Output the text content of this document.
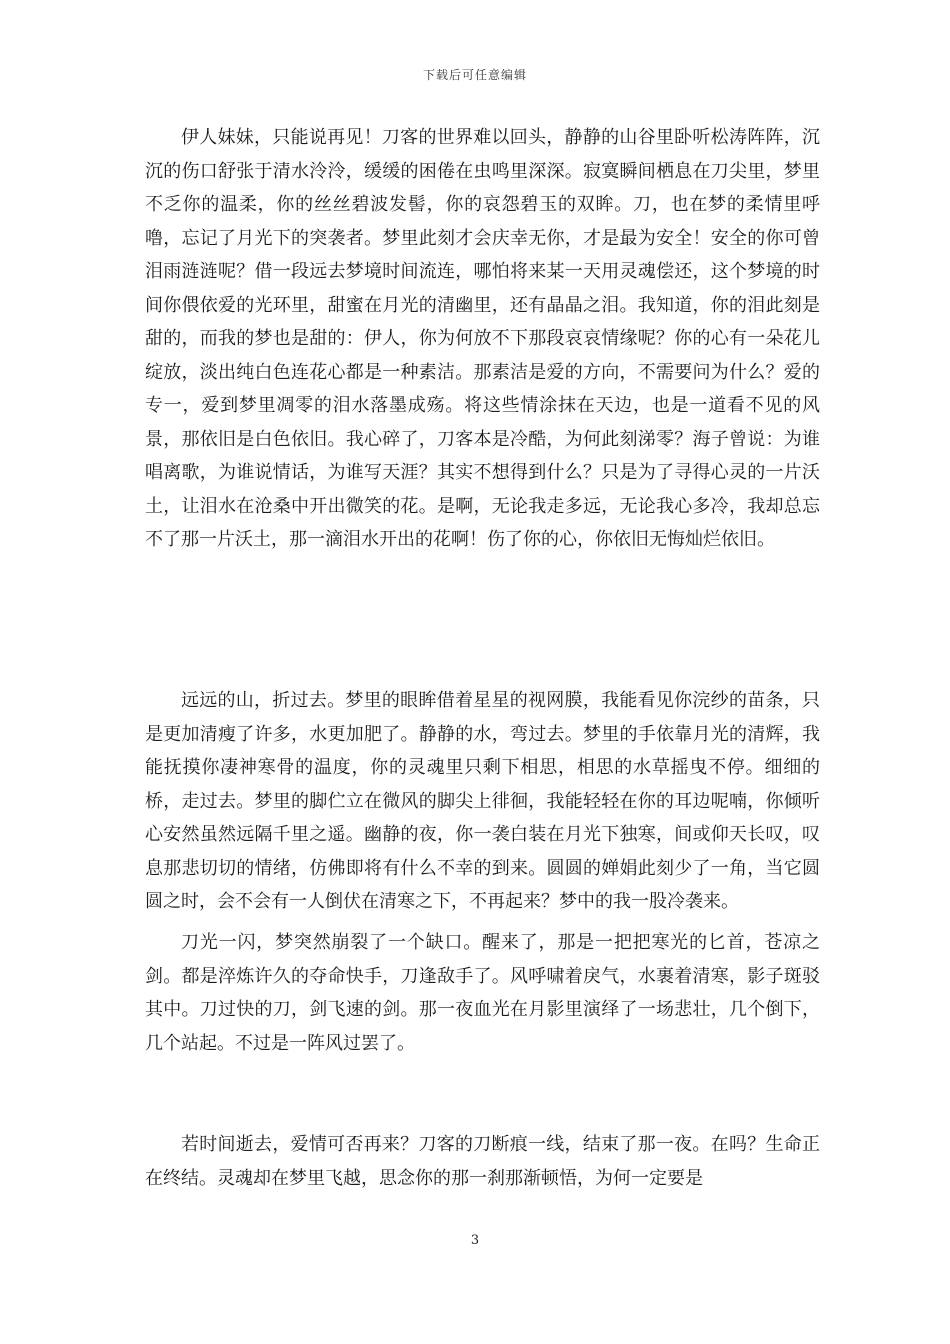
下载后可任意编辑

伊人妹妹，只能说再见！刀客的世界难以回头，静静的山谷里卧听松涛阵阵，沉沉的伤口舒张于清水泠泠，缓缓的困倦在虫鸣里深深。寂寞瞬间栖息在刀尖里，梦里不乏你的温柔，你的丝丝碧波发髻，你的哀怨碧玉的双眸。刀，也在梦的柔情里呼噜，忘记了月光下的突袭者。梦里此刻才会庆幸无你，才是最为安全！安全的你可曾泪雨涟涟呢？借一段远去梦境时间流连，哪怕将来某一天用灵魂偿还，这个梦境的时间你偎依爱的光环里，甜蜜在月光的清幽里，还有晶晶之泪。我知道，你的泪此刻是甜的，而我的梦也是甜的：伊人，你为何放不下那段哀哀情缘呢？你的心有一朵花儿绽放，淡出纯白色连花心都是一种素洁。那素洁是爱的方向，不需要问为什么？爱的专一，爱到梦里凋零的泪水落墨成殇。将这些情涂抹在天边，也是一道看不见的风景，那依旧是白色依旧。我心碎了，刀客本是冷酷，为何此刻涕零？海子曾说：为谁唱离歌，为谁说情话，为谁写天涯？其实不想得到什么？只是为了寻得心灵的一片沃土，让泪水在沧桑中开出微笑的花。是啊，无论我走多远，无论我心多冷，我却总忘不了那一片沃土，那一滴泪水开出的花啊！伤了你的心，你依旧无悔灿烂依旧。

远远的山，折过去。梦里的眼眸借着星星的视网膜，我能看见你浣纱的苗条，只是更加清瘦了许多，水更加肥了。静静的水，弯过去。梦里的手依靠月光的清辉，我能抚摸你凄神寒骨的温度，你的灵魂里只剩下相思，相思的水草摇曳不停。细细的桥，走过去。梦里的脚伫立在微风的脚尖上徘徊，我能轻轻在你的耳边呢喃，你倾听心安然虽然远隔千里之遥。幽静的夜，你一袭白装在月光下独寒，间或仰天长叹，叹息那悲切切的情绪，仿佛即将有什么不幸的到来。圆圆的婵娟此刻少了一角，当它圆圆之时，会不会有一人倒伏在清寒之下，不再起来？梦中的我一股冷袭来。

刀光一闪，梦突然崩裂了一个缺口。醒来了，那是一把把寒光的匕首，苍凉之剑。都是淬炼许久的夺命快手，刀逢敌手了。风呼啸着戾气，水裹着清寒，影子斑驳其中。刀过快的刀，剑飞速的剑。那一夜血光在月影里演绎了一场悲壮，几个倒下，几个站起。不过是一阵风过罢了。

若时间逝去，爱情可否再来？刀客的刀断痕一线，结束了那一夜。在吗？生命正在终结。灵魂却在梦里飞越，思念你的那一刹那渐顿悟，为何一定要是

3
